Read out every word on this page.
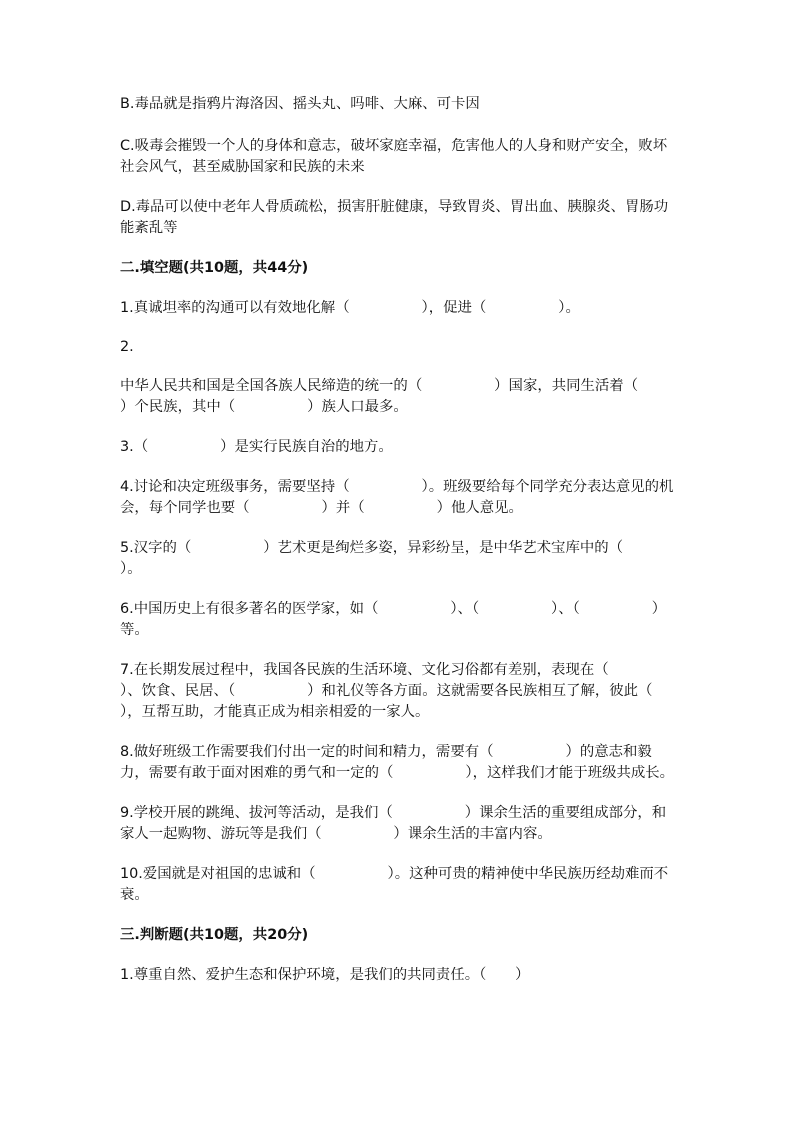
B.毒品就是指鸦片海洛因、摇头丸、吗啡、大麻、可卡因

C.吸毒会摧毁一个人的身体和意志，破坏家庭幸福，危害他人的人身和财产安全，败坏社会风气，甚至威胁国家和民族的未来

D.毒品可以使中老年人骨质疏松，损害肝脏健康，导致胃炎、胃出血、胰腺炎、胃肠功能紊乱等

二.填空题(共10题，共44分)

1.真诚坦率的沟通可以有效地化解（　　　　　），促进（　　　　　）。

2.

中华人民共和国是全国各族人民缔造的统一的（　　　　　）国家，共同生活着（　　　　　）个民族，其中（　　　　　）族人口最多。

3.（　　　　　）是实行民族自治的地方。

4.讨论和决定班级事务，需要坚持（　　　　　）。班级要给每个同学充分表达意见的机会，每个同学也要（　　　　　）并（　　　　　）他人意见。

5.汉字的（　　　　　）艺术更是绚烂多姿，异彩纷呈，是中华艺术宝库中的（　　　　　）。

6.中国历史上有很多著名的医学家，如（　　　　　）、（　　　　　）、（　　　　　）等。

7.在长期发展过程中，我国各民族的生活环境、文化习俗都有差别，表现在（　　　　　）、饮食、民居、（　　　　　）和礼仪等各方面。这就需要各民族相互了解，彼此（　　　　　），互帮互助，才能真正成为相亲相爱的一家人。

8.做好班级工作需要我们付出一定的时间和精力，需要有（　　　　　）的意志和毅力，需要有敢于面对困难的勇气和一定的（　　　　　），这样我们才能于班级共成长。

9.学校开展的跳绳、拔河等活动，是我们（　　　　　）课余生活的重要组成部分，和家人一起购物、游玩等是我们（　　　　　）课余生活的丰富内容。

10.爱国就是对祖国的忠诚和（　　　　　）。这种可贵的精神使中华民族历经劫难而不衰。

三.判断题(共10题，共20分)

1.尊重自然、爱护生态和保护环境，是我们的共同责任。（　　）
